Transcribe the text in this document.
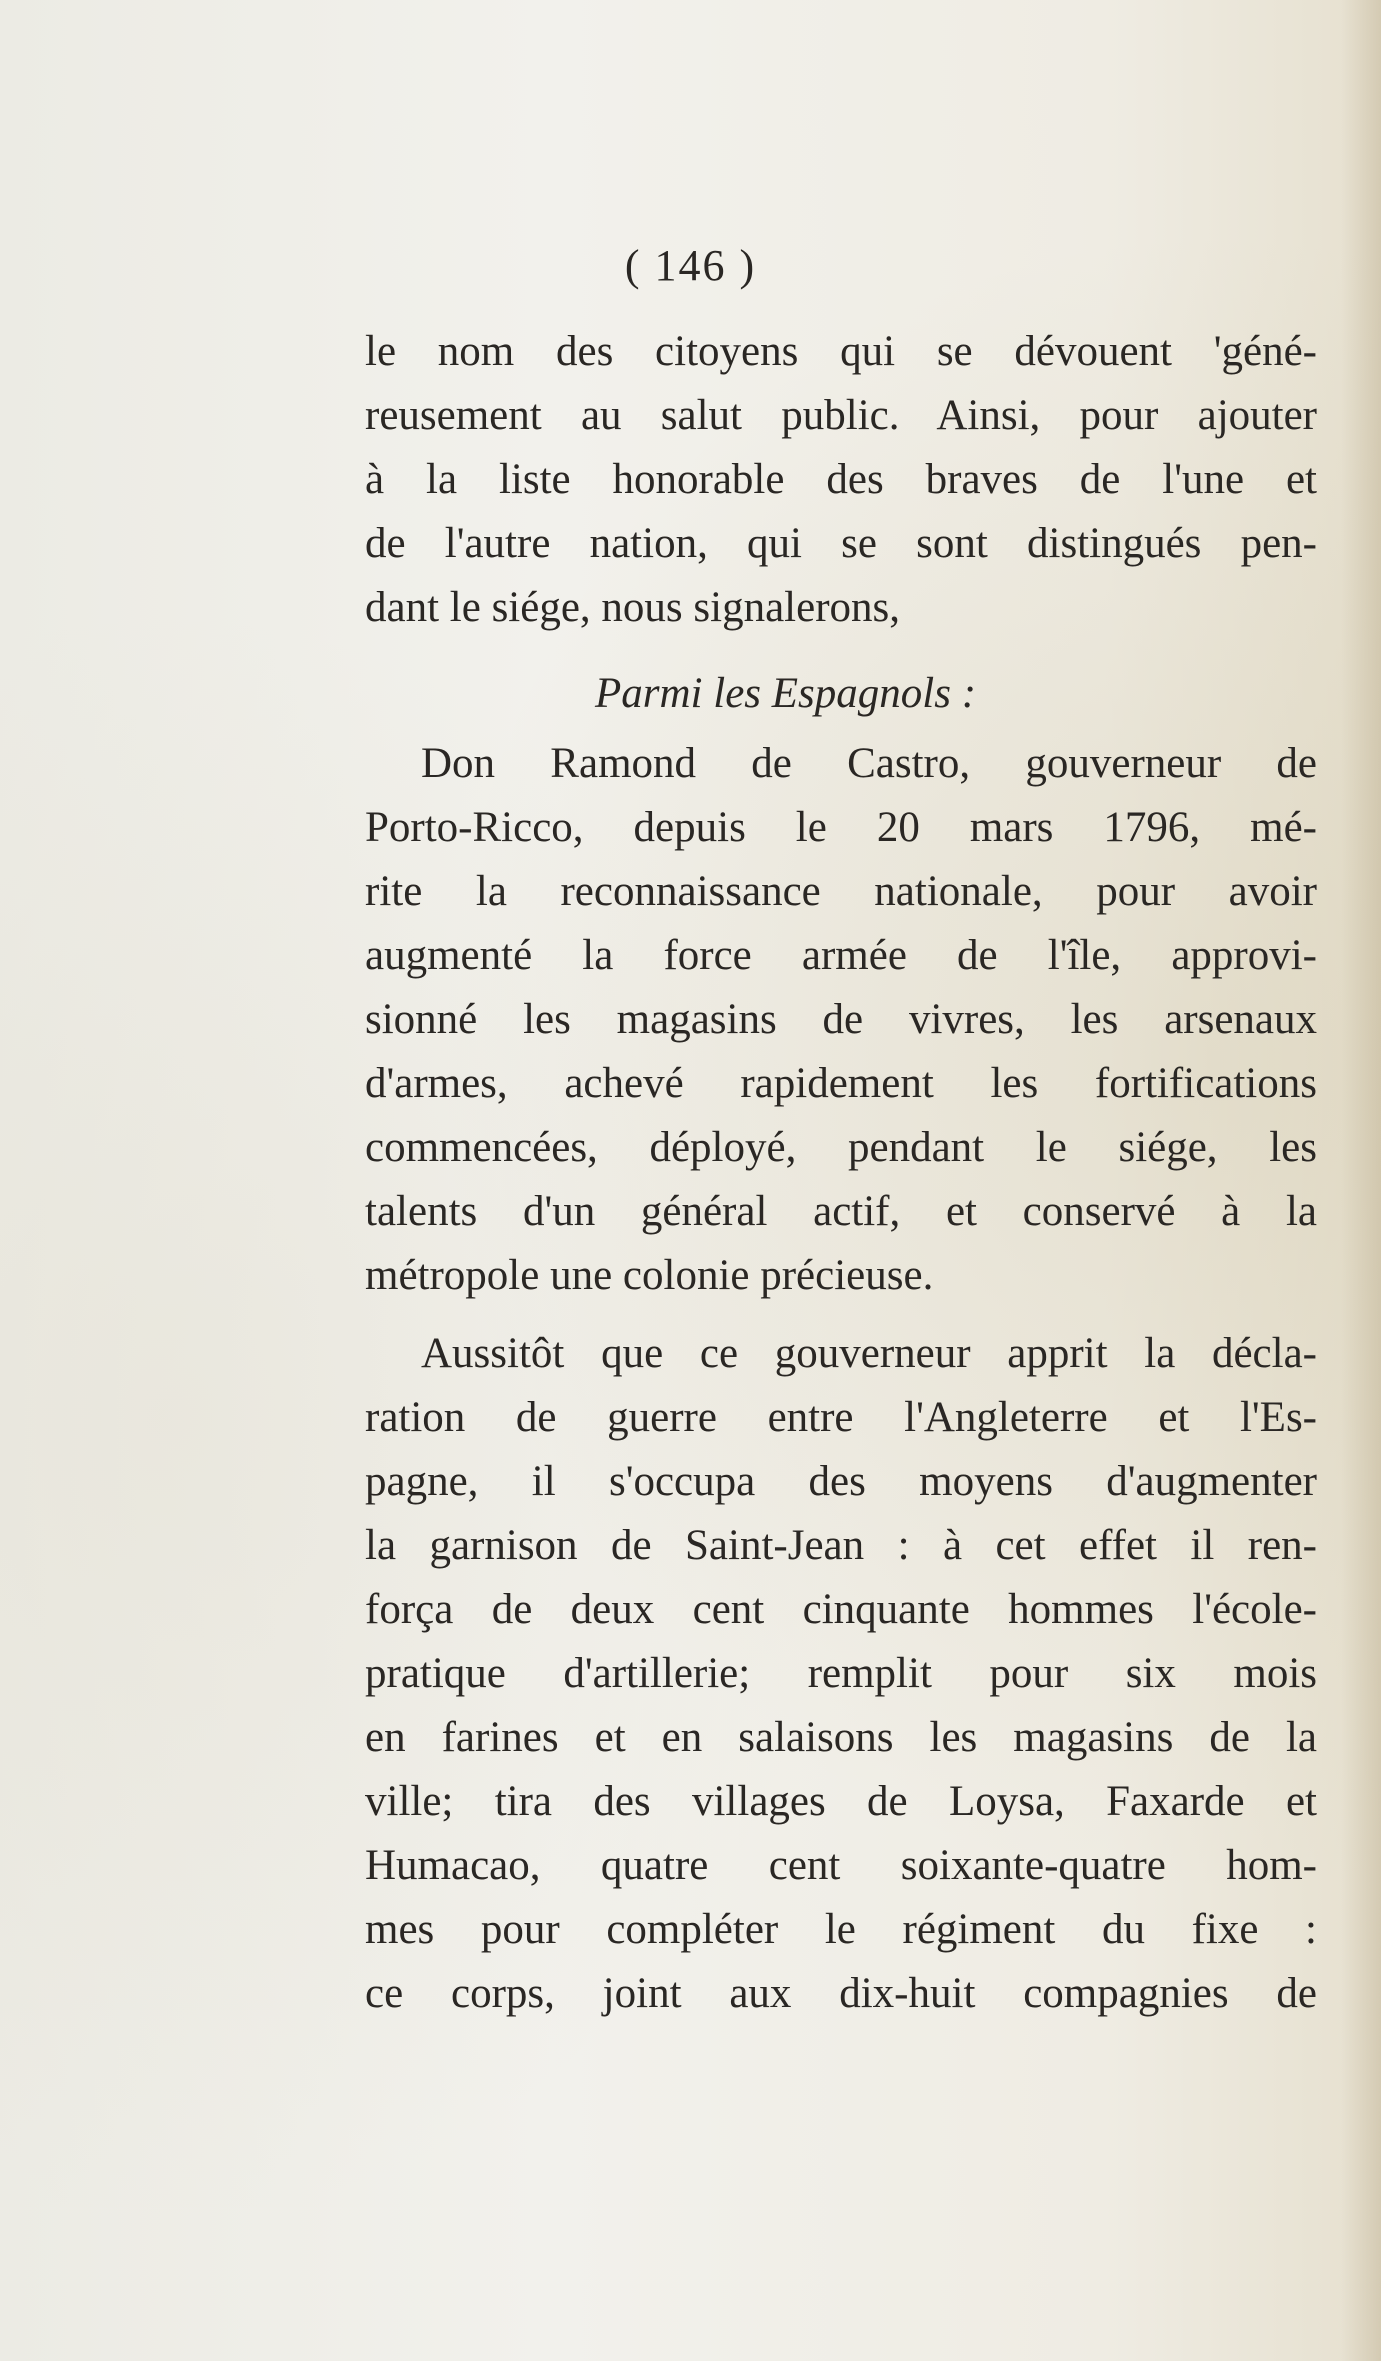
( 146 )
le nom des citoyens qui se dévouent 'géné-
reusement au salut public. Ainsi, pour ajouter
à la liste honorable des braves de l'une et
de l'autre nation, qui se sont distingués pen-
dant le siége, nous signalerons,
Parmi les Espagnols :
Don Ramond de Castro, gouverneur de
Porto-Ricco, depuis le 20 mars 1796, mé-
rite la reconnaissance nationale, pour avoir
augmenté la force armée de l'île, approvi-
sionné les magasins de vivres, les arsenaux
d'armes, achevé rapidement les fortifications
commencées, déployé, pendant le siége, les
talents d'un général actif, et conservé à la
métropole une colonie précieuse.
Aussitôt que ce gouverneur apprit la décla-
ration de guerre entre l'Angleterre et l'Es-
pagne, il s'occupa des moyens d'augmenter
la garnison de Saint-Jean : à cet effet il ren-
força de deux cent cinquante hommes l'école-
pratique d'artillerie; remplit pour six mois
en farines et en salaisons les magasins de la
ville; tira des villages de Loysa, Faxarde et
Humacao, quatre cent soixante-quatre hom-
mes pour compléter le régiment du fixe :
ce corps, joint aux dix-huit compagnies de
